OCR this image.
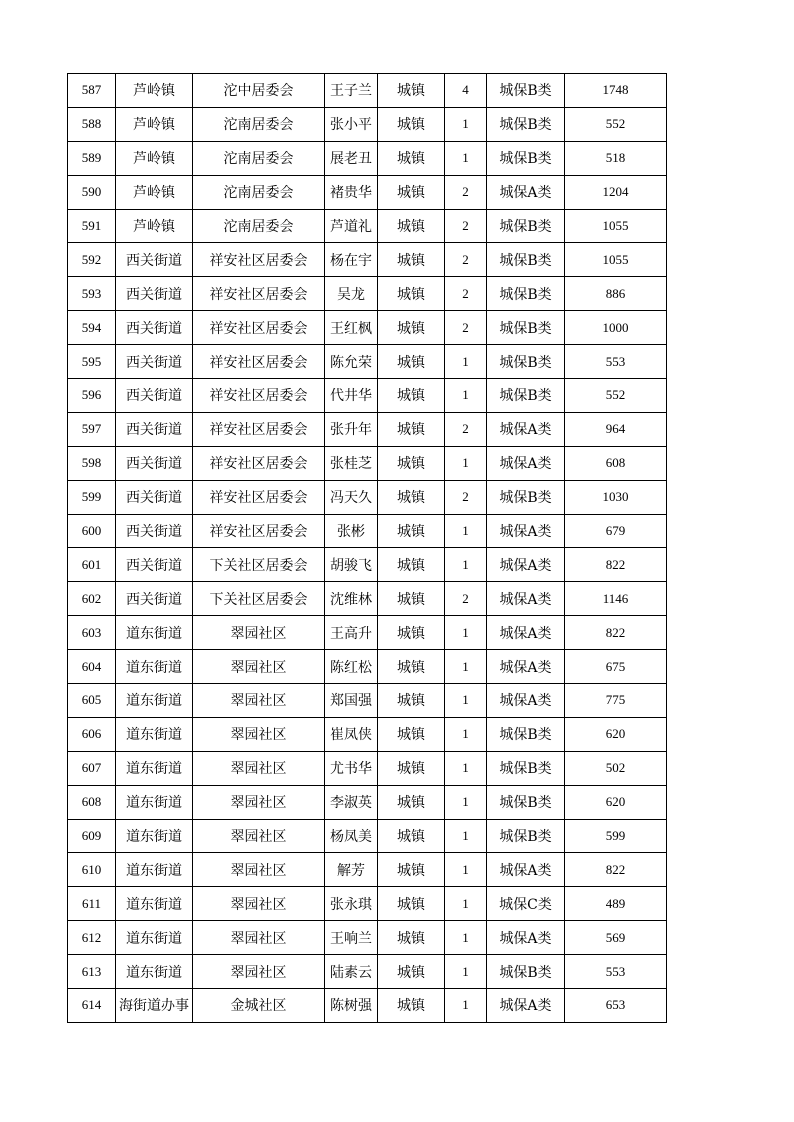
587	芦岭镇	沱中居委会	王子兰	城镇	4	城保B类	1748
588	芦岭镇	沱南居委会	张小平	城镇	1	城保B类	552
589	芦岭镇	沱南居委会	展老丑	城镇	1	城保B类	518
590	芦岭镇	沱南居委会	褚贵华	城镇	2	城保A类	1204
591	芦岭镇	沱南居委会	芦道礼	城镇	2	城保B类	1055
592	西关街道	祥安社区居委会	杨在宇	城镇	2	城保B类	1055
593	西关街道	祥安社区居委会	吴龙	城镇	2	城保B类	886
594	西关街道	祥安社区居委会	王红枫	城镇	2	城保B类	1000
595	西关街道	祥安社区居委会	陈允荣	城镇	1	城保B类	553
596	西关街道	祥安社区居委会	代井华	城镇	1	城保B类	552
597	西关街道	祥安社区居委会	张升年	城镇	2	城保A类	964
598	西关街道	祥安社区居委会	张桂芝	城镇	1	城保A类	608
599	西关街道	祥安社区居委会	冯天久	城镇	2	城保B类	1030
600	西关街道	祥安社区居委会	张彬	城镇	1	城保A类	679
601	西关街道	下关社区居委会	胡骏飞	城镇	1	城保A类	822
602	西关街道	下关社区居委会	沈维林	城镇	2	城保A类	1146
603	道东街道	翠园社区	王高升	城镇	1	城保A类	822
604	道东街道	翠园社区	陈红松	城镇	1	城保A类	675
605	道东街道	翠园社区	郑国强	城镇	1	城保A类	775
606	道东街道	翠园社区	崔凤侠	城镇	1	城保B类	620
607	道东街道	翠园社区	尤书华	城镇	1	城保B类	502
608	道东街道	翠园社区	李淑英	城镇	1	城保B类	620
609	道东街道	翠园社区	杨凤美	城镇	1	城保B类	599
610	道东街道	翠园社区	解芳	城镇	1	城保A类	822
611	道东街道	翠园社区	张永琪	城镇	1	城保C类	489
612	道东街道	翠园社区	王响兰	城镇	1	城保A类	569
613	道东街道	翠园社区	陆素云	城镇	1	城保B类	553
614	海街道办事	金城社区	陈树强	城镇	1	城保A类	653
